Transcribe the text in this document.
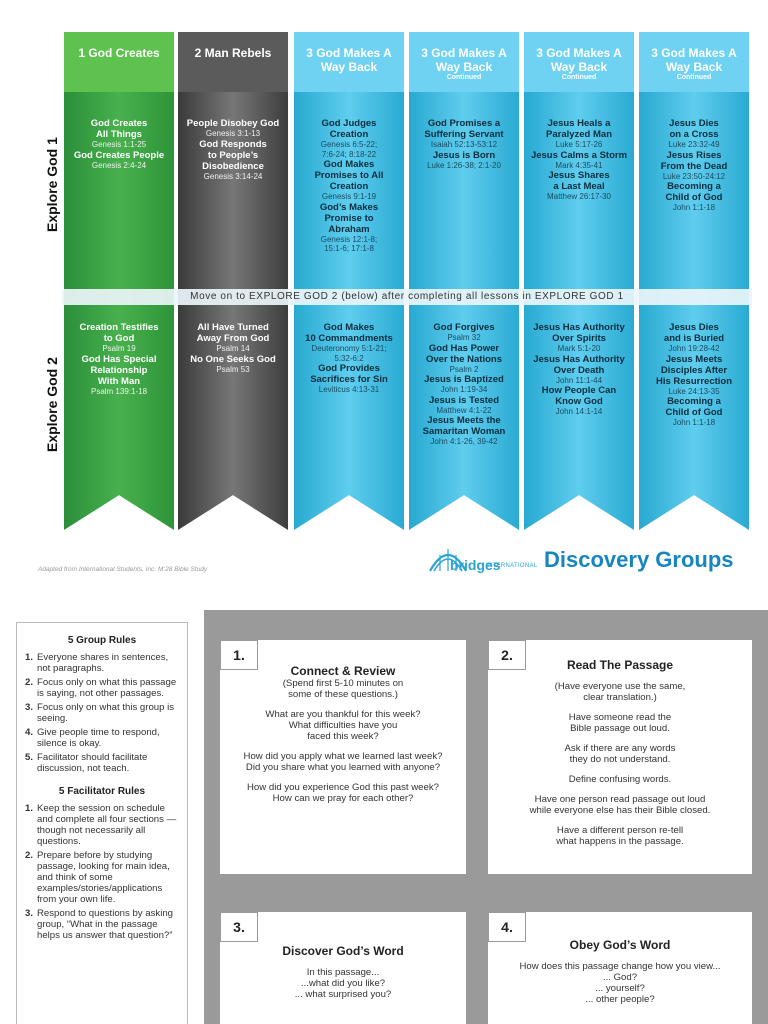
Explore God 1
Explore God 2
1 God Creates
God Creates
All Things
Genesis 1:1-25
God Creates People
Genesis 2:4-24
Creation Testifies
to God
Psalm 19
God Has Special
Relationship
With Man
Psalm 139:1-18
2 Man Rebels
People Disobey God
Genesis 3:1-13
God Responds
to People’s
Disobedience
Genesis 3:14-24
All Have Turned
Away From God
Psalm 14
No One Seeks God
Psalm 53
3 God Makes A Way Back
God Judges
Creation
Genesis 6:5-22;
7:6-24; 8:18-22
God Makes
Promises to All
Creation
Genesis 9:1-19
God’s Makes
Promise to
Abraham
Genesis 12:1-8;
15:1-6; 17:1-8
God Makes
10 Commandments
Deuteronomy 5:1-21;
5:32-6:2
God Provides
Sacrifices for Sin
Leviticus 4:13-31
3 God Makes A Way Back
Continued
God Promises a
Suffering Servant
Isaiah 52:13-53:12
Jesus is Born
Luke 1:26-38; 2:1-20
God Forgives
Psalm 32
God Has Power
Over the Nations
Psalm 2
Jesus is Baptized
John 1:19-34
Jesus is Tested
Matthew 4:1-22
Jesus Meets the
Samaritan Woman
John 4:1-26, 39-42
3 God Makes A Way Back
Continued
Jesus Heals a
Paralyzed Man
Luke 5:17-26
Jesus Calms a Storm
Mark 4:35-41
Jesus Shares
a Last Meal
Matthew 26:17-30
Jesus Has Authority
Over Spirits
Mark 5:1-20
Jesus Has Authority
Over Death
John 11:1-44
How People Can
Know God
John 14:1-14
3 God Makes A Way Back
Continued
Jesus Dies
on a Cross
Luke 23:32-49
Jesus Rises
From the Dead
Luke 23:50-24:12
Becoming a
Child of God
John 1:1-18
Jesus Dies
and is Buried
John 19:28-42
Jesus Meets
Disciples After
His Resurrection
Luke 24:13-35
Becoming a
Child of God
John 1:1-18
Move on to EXPLORE GOD 2 (below) after completing all lessons in EXPLORE GOD 1
Adapted from International Students, Inc. M:28 Bible Study	bridges
INTERNATIONAL Discovery Groups
5 Group Rules
1. Everyone shares in sentences, not paragraphs.
2. Focus only on what this passage is saying, not other passages.
3. Focus only on what this group is seeing.
4. Give people time to respond, silence is okay.
5. Facilitator should facilitate discussion, not teach.
5 Facilitator Rules
1. Keep the session on schedule and complete all four sections — though not necessarily all questions.
2. Prepare before by studying passage, looking for main idea, and think of some examples/stories/applications from your own life.
3. Respond to questions by asking group, “What in the passage helps us answer that question?”
1.
Connect & Review

(Spend first 5-10 minutes on

some of these questions.)

What are you thankful for this week?

What difficulties have you

faced this week?

How did you apply what we learned last week?

Did you share what you learned with anyone?

How did you experience God this past week?

How can we pray for each other?

2.
Read The Passage

(Have everyone use the same,

clear translation.)

Have someone read the

Bible passage out loud.

Ask if there are any words

they do not understand.

Define confusing words.

Have one person read passage out loud

while everyone else has their Bible closed.

Have a different person re-tell

what happens in the passage.

3.
Discover God’s Word

In this passage...

...what did you like?

... what surprised you?

4.
Obey God’s Word

How does this passage change how you view...

... God?

... yourself?

... other people?
